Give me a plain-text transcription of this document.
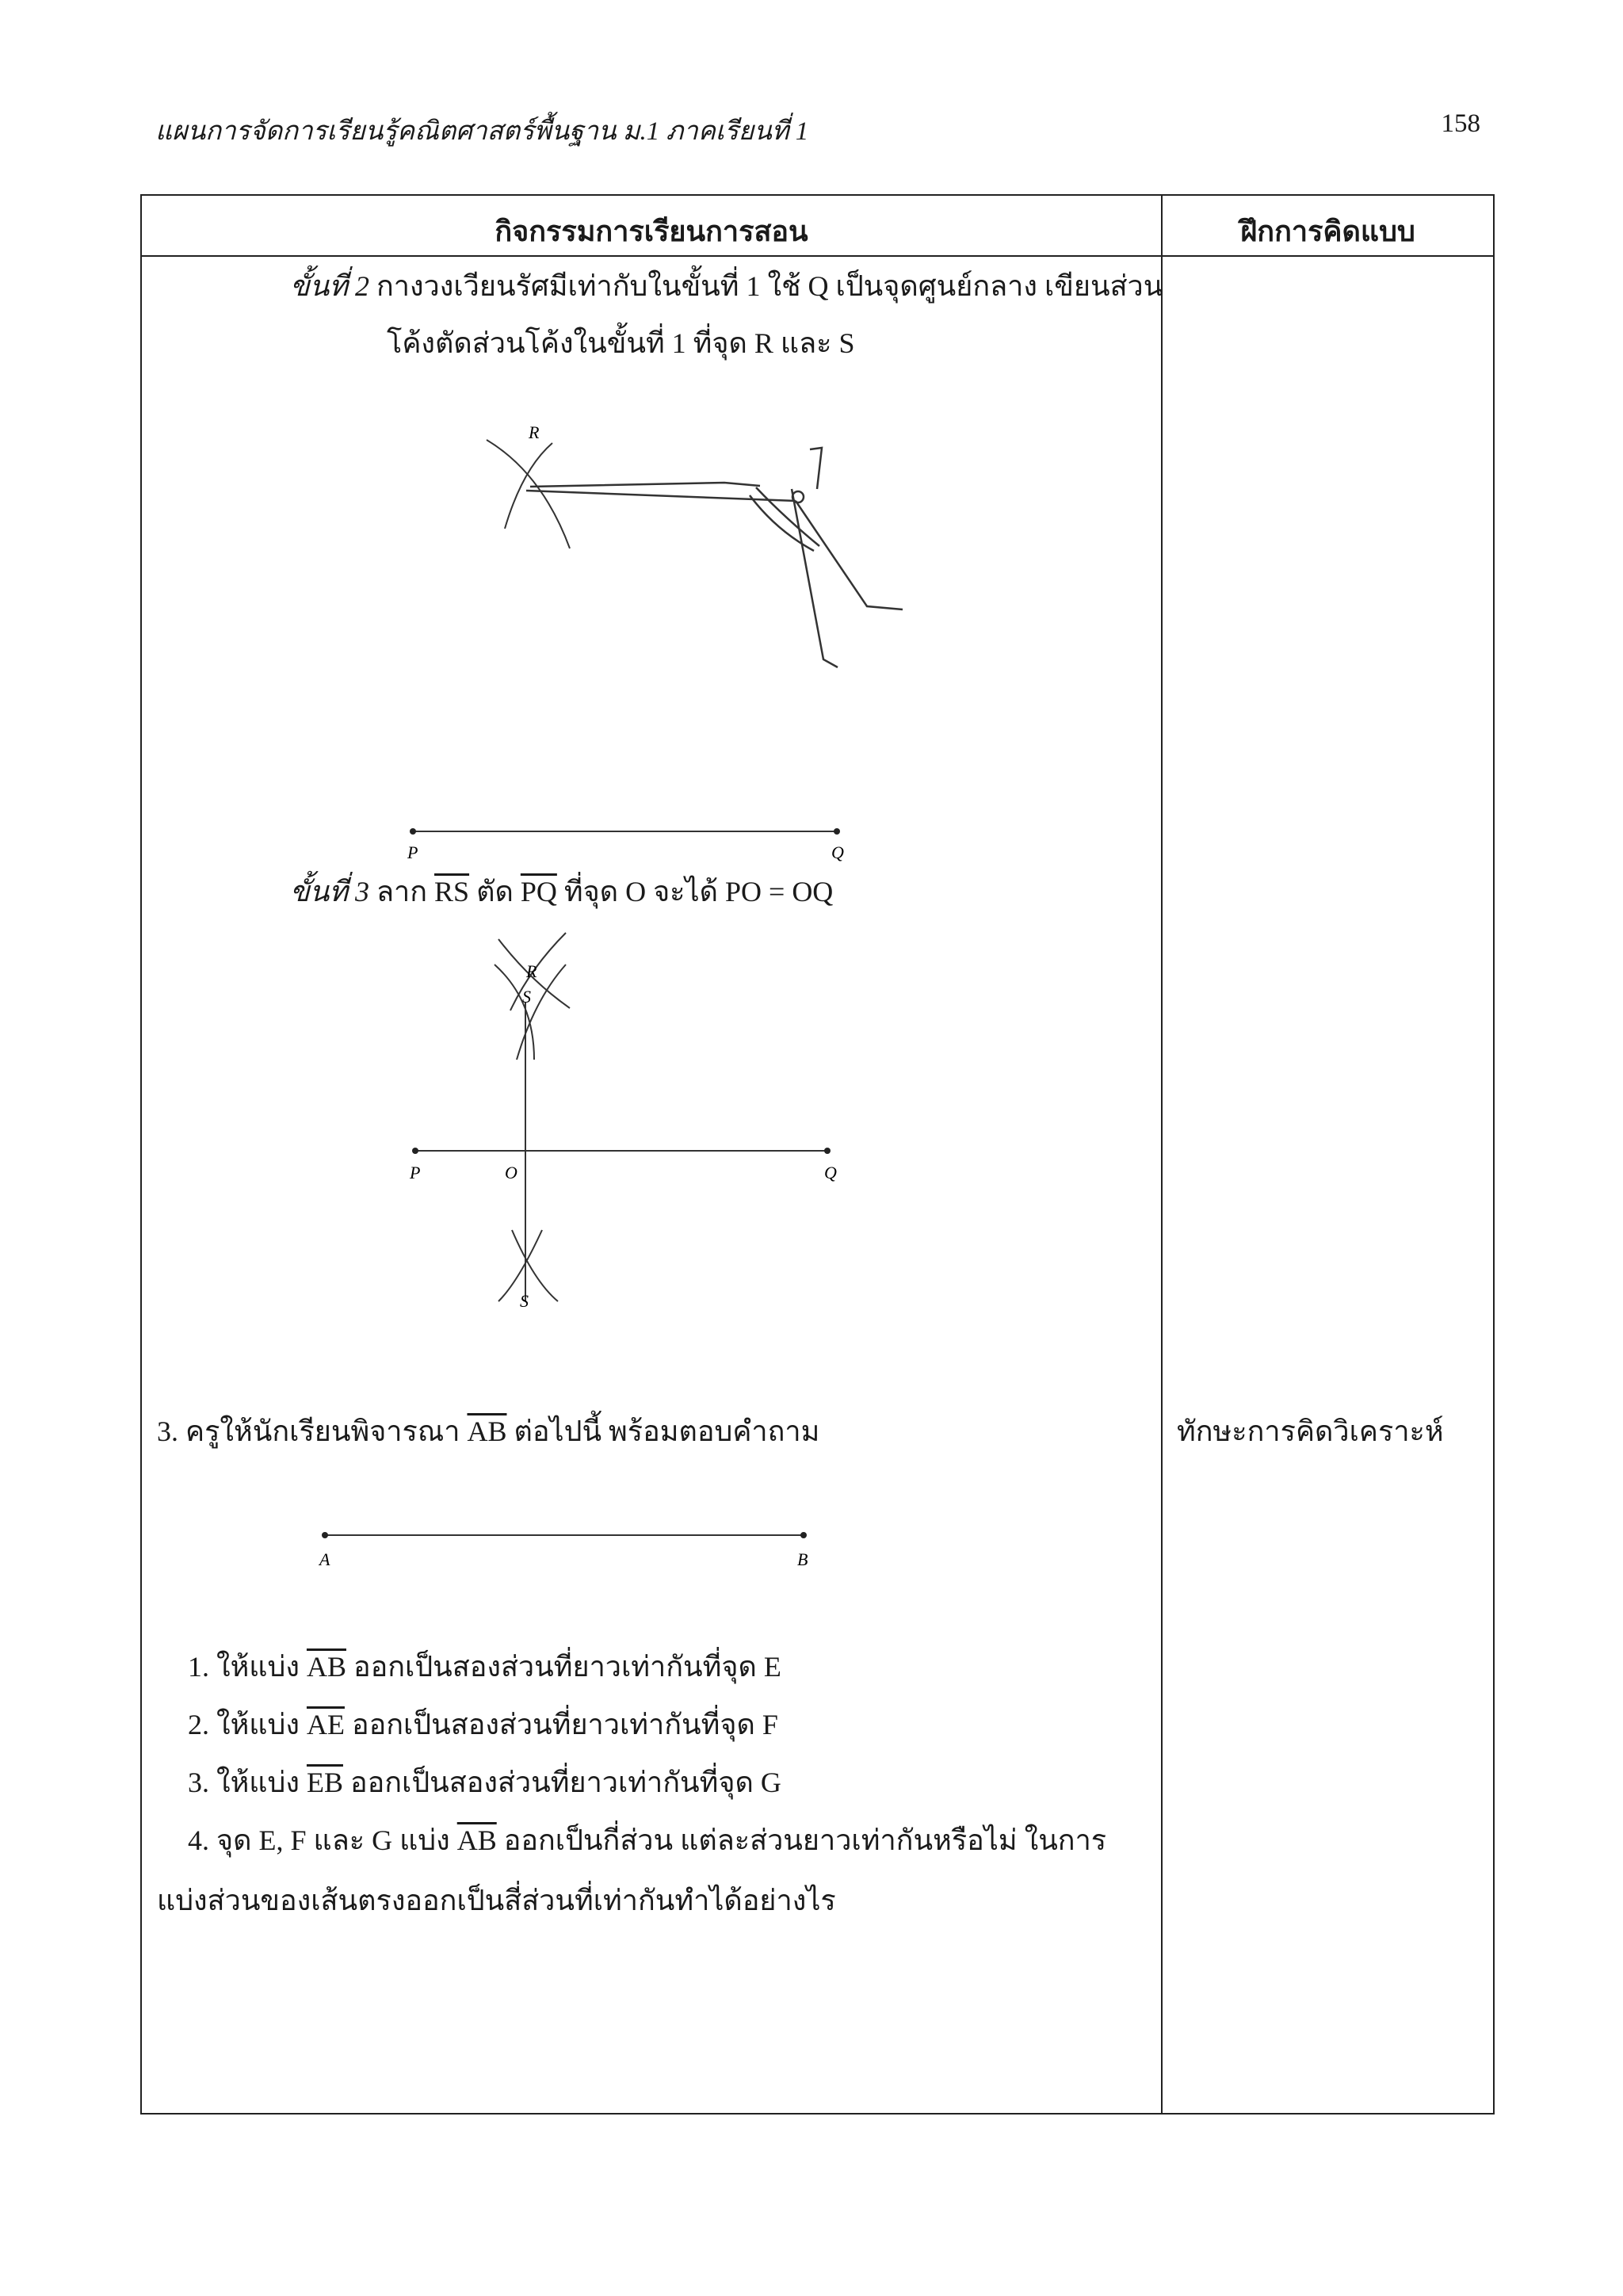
แผนการจัดการเรียนรู้คณิตศาสตร์พื้นฐาน ม.1 ภาคเรียนที่ 1	158
กิจกรรมการเรียนการสอน	ฝึกการคิดแบบ
ขั้นที่ 2 กางวงเวียนรัศมีเท่ากับในขั้นที่ 1 ใช้ Q เป็นจุดศูนย์กลาง เขียนส่วน
โค้งตัดส่วนโค้งในขั้นที่ 1 ที่จุด R และ S
R
P	Q
S
ขั้นที่ 3 ลาก $\overline{RS}$ ตัด $\overline{PQ}$ ที่จุด O จะได้ PO = OQ
R
P	O	Q
S
3. ครูให้นักเรียนพิจารณา $\overline{AB}$ ต่อไปนี้ พร้อมตอบคำถาม	ทักษะการคิดวิเคราะห์
A	B
1. ให้แบ่ง $\overline{AB}$ ออกเป็นสองส่วนที่ยาวเท่ากันที่จุด E
2. ให้แบ่ง $\overline{AE}$ ออกเป็นสองส่วนที่ยาวเท่ากันที่จุด F
3. ให้แบ่ง $\overline{EB}$ ออกเป็นสองส่วนที่ยาวเท่ากันที่จุด G
4. จุด E, F และ G แบ่ง $\overline{AB}$ ออกเป็นกี่ส่วน แต่ละส่วนยาวเท่ากันหรือไม่ ในการ
แบ่งส่วนของเส้นตรงออกเป็นสี่ส่วนที่เท่ากันทำได้อย่างไร
